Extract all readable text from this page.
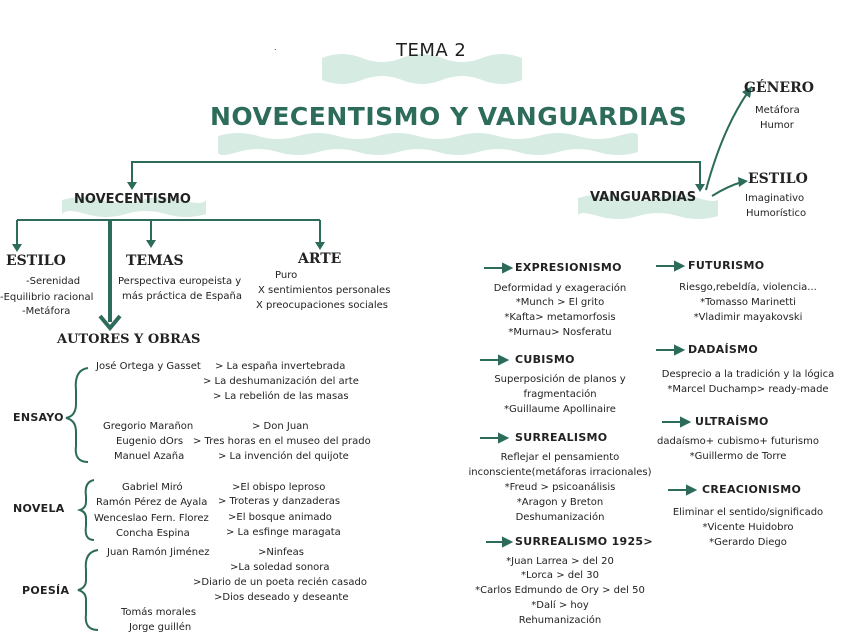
TEMA 2
NOVECENTISMO Y VANGUARDIAS
.
NOVECENTISMO
ESTILO
-Serenidad
-Equilibrio racional
-Metáfora
TEMAS
Perspectiva europeista y
más práctica de España
ARTE
Puro
X sentimientos personales
X preocupaciones sociales
AUTORES Y OBRAS
ENSAYO
José Ortega y Gasset > La españa invertebrada
> La deshumanización del arte
> La rebelión de las masas
Gregorio Marañon	> Don Juan
Eugenio dOrs > Tres horas en el museo del prado
Manuel Azaña	> La invención del quijote
NOVELA
Gabriel Miró	>El obispo leproso
Ramón Pérez de Ayala > Troteras y danzaderas
Wenceslao Fern. Florez >El bosque animado
Concha Espina	> La esfinge maragata
POESÍA
Juan Ramón Jiménez	>Ninfeas
>La soledad sonora
>Diario de un poeta recién casado
>Dios deseado y deseante
Tomás morales
Jorge guillén
VANGUARDIAS
GÉNERO
Metáfora
Humor
ESTILO
Imaginativo
Humorístico
EXPRESIONISMO
Deformidad y exageración
*Munch > El grito
*Kafta> metamorfosis
*Murnau> Nosferatu
CUBISMO
Superposición de planos y
fragmentación
*Guillaume Apollinaire
SURREALISMO
Reflejar el pensamiento
inconsciente(metáforas irracionales)
*Freud > psicoanálisis
*Aragon y Breton
Deshumanización
SURREALISMO 1925>
*Juan Larrea > del 20
*Lorca > del 30
*Carlos Edmundo de Ory > del 50
*Dalí > hoy
Rehumanización
FUTURISMO
Riesgo,rebeldía, violencia...
*Tomasso Marinetti
*Vladimir mayakovski
DADAÍSMO
Desprecio a la tradición y la lógica
*Marcel Duchamp> ready-made
ULTRAÍSMO
dadaísmo+ cubismo+ futurismo
*Guillermo de Torre
CREACIONISMO
Eliminar el sentido/significado
*Vicente Huidobro
*Gerardo Diego
